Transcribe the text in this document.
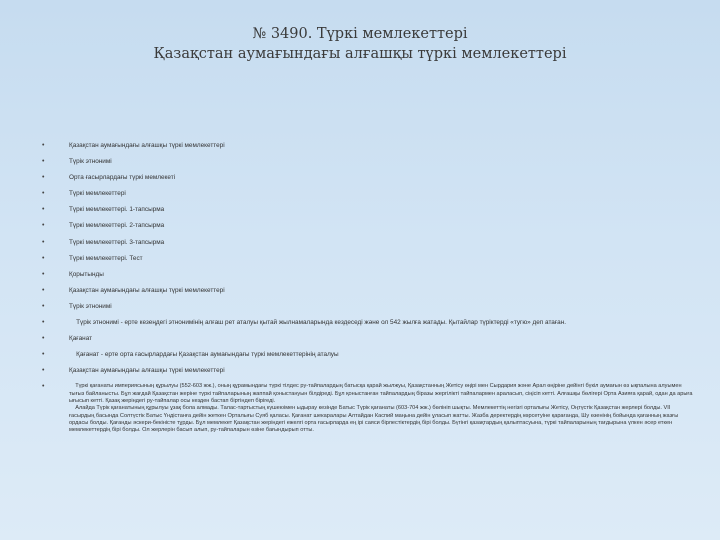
№ 3490. Түркі мемлекеттері
Қазақстан аумағындағы алғашқы түркі мемлекеттері
•	Қазақстан аумағындағы алғашқы түркі мемлекеттері
•	Түрік этнонимі
•	Орта ғасырлардағы түркі мемлекеті
•	Түркі мемлекеттері
•	Түркі мемлекеттері. 1-тапсырма
•	Түркі мемлекеттері. 2-тапсырма
•	Түркі мемлекеттері. 3-тапсырма
•	Түркі мемлекеттері. Тест
•	Қорытынды
•	Қазақстан аумағындағы алғашқы түркі мемлекеттері
•	Түрік этнонимі
•	Түрік этнонимі - ерте кезеңдегі этнонимінің алғаш рет аталуы қытай жылнамаларында кездеседі және ол 542 жылға жатады. Қытайлар түріктерді «тугю» деп атаған.
•	Қағанат
•	Қағанат - ерте орта ғасырлардағы Қазақстан аумағындағы түркі мемлекеттерінің аталуы
•	Қазақстан аумағындағы алғашқы түркі мемлекеттері
•	Түркі қағанаты империясының құрылуы (552-603 жж.), оның құрамындағы түркі тілдес ру-тайпалардың батысқа қарай жылжуы, Қазақстанның Жетісу өңірі мен Сырдария және Арал өңіріне дейінгі бүкіл аумағын өз ықпалына алуымен тығыз байланысты. Бұл жағдай Қазақстан жеріне түркі тайпаларының жаппай қоныстануын білдіреді. Бұл қоныстанған тайпалардың біразы жергілікті тайпалармен араласып, сіңісіп кетті. Алғашқы бөлігері Орта Азияға қарай, одан да арыға ығысып кетті. Қазақ жеріндегі ру-тайпалар осы кезден бастап біртіндеп бірігеді.
Алайда Түрік қағанатының құрылуы ұзақ бола алмады. Талас-тартыстың күшеюімен ыдырау кезінде Батыс Түрік қағанаты (603-704 жж.) бөлініп шықты. Мемлекеттің негізгі орталығы Жетісу, Оңтүстік Қазақстан жерлері болды. VII ғасырдың басында Солтүстік Батыс Үндістанға дейін жеткен Орталығы Суяб қаласы. Қағанат шекаралары Алтайдан Каспий маңына дейін ұласып жатты. Жазба деректердің көрсетуіне қарағанда, Шу өзенінің бойында қағанның жазғы ордасы болды. Қағанды әскери-бекіністе тұрды. Бұл мемлекет Қазақстан жеріндегі ежелгі орта ғасырларда ең ірі саяси бірлестіктердің бірі болды. Бүгінгі қазақтардың қалыптасуына, түркі тайпаларының тағдырына үлкен әсер еткен мемлекеттердің бірі болды. Ол жерлерін басып алып, ру-тайпаларын өзіне бағындырып отты.
